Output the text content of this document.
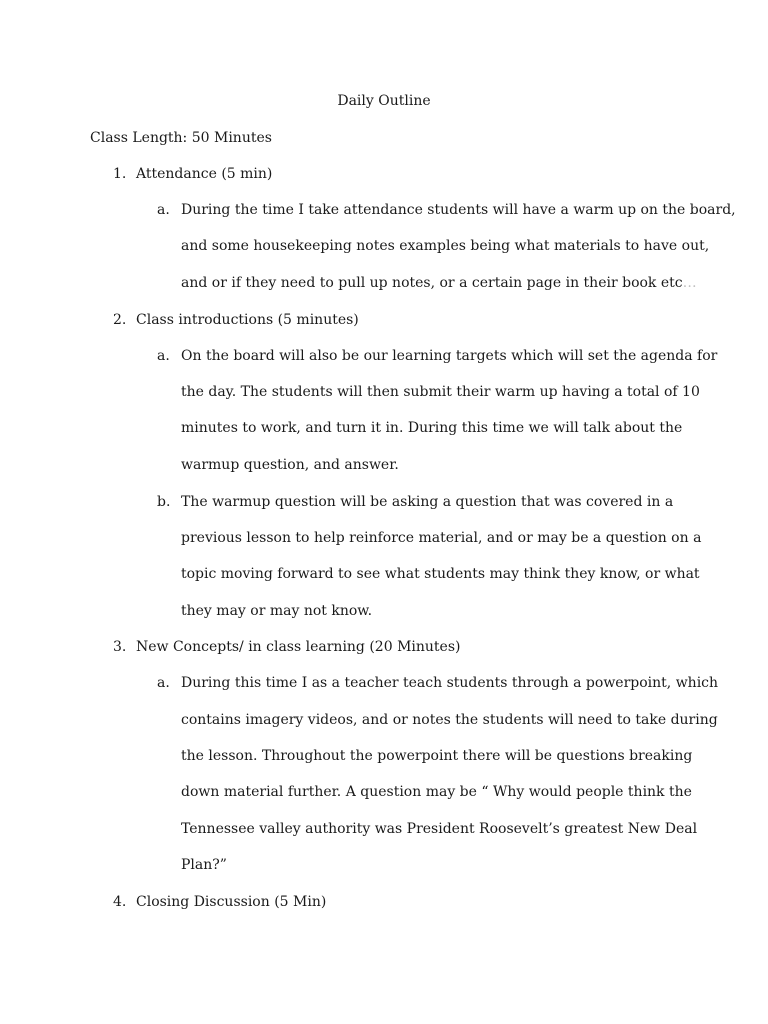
Daily Outline
Class Length: 50 Minutes
1. Attendance (5 min)
a. During the time I take attendance students will have a warm up on the board,
and some housekeeping notes examples being what materials to have out,
and or if they need to pull up notes, or a certain page in their book etc…
2. Class introductions (5 minutes)
a. On the board will also be our learning targets which will set the agenda for
the day. The students will then submit their warm up having a total of 10
minutes to work, and turn it in. During this time we will talk about the
warmup question, and answer.
b. The warmup question will be asking a question that was covered in a
previous lesson to help reinforce material, and or may be a question on a
topic moving forward to see what students may think they know, or what
they may or may not know.
3. New Concepts/ in class learning (20 Minutes)
a. During this time I as a teacher teach students through a powerpoint, which
contains imagery videos, and or notes the students will need to take during
the lesson. Throughout the powerpoint there will be questions breaking
down material further. A question may be “ Why would people think the
Tennessee valley authority was President Roosevelt’s greatest New Deal
Plan?”
4. Closing Discussion (5 Min)
